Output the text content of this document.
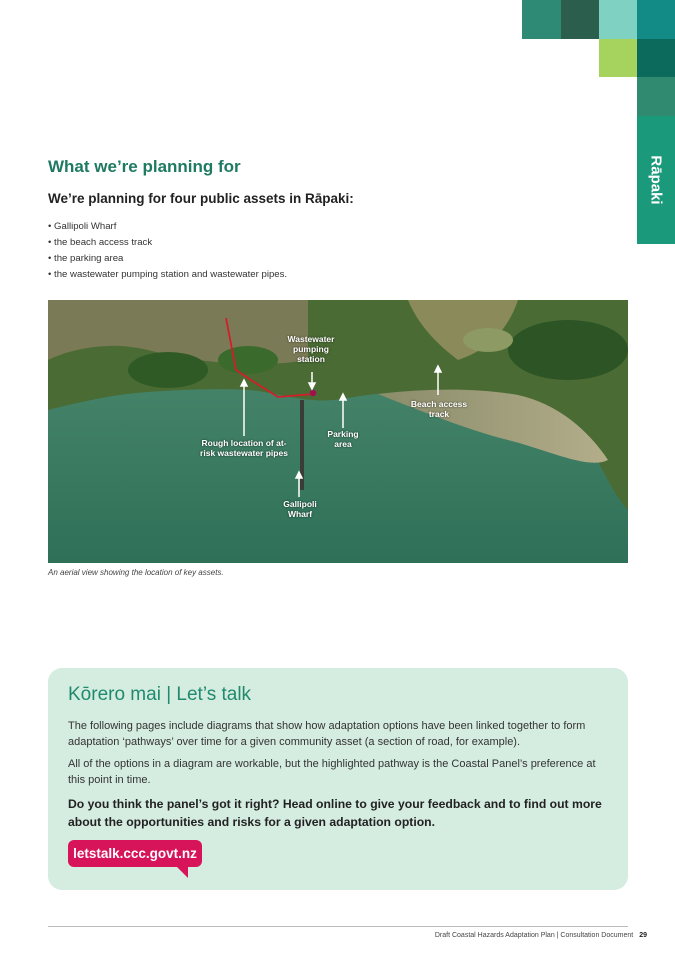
Rāpaki
What we’re planning for
We’re planning for four public assets in Rāpaki:
• Gallipoli Wharf
• the beach access track
• the parking area
• the wastewater pumping station and wastewater pipes.
Wastewater pumping station
Beach access track
Parking area
Rough location of at-risk wastewater pipes
Gallipoli Wharf
An aerial view showing the location of key assets.
Kōrero mai | Let’s talk

The following pages include diagrams that show how adaptation options have been linked together to form adaptation ‘pathways’ over time for a given community asset (a section of road, for example).

All of the options in a diagram are workable, but the highlighted pathway is the Coastal Panel’s preference at this point in time.

Do you think the panel’s got it right? Head online to give your feedback and to find out more about the opportunities and risks for a given adaptation option.

letstalk.ccc.govt.nz
Draft Coastal Hazards Adaptation Plan | Consultation Document 29
